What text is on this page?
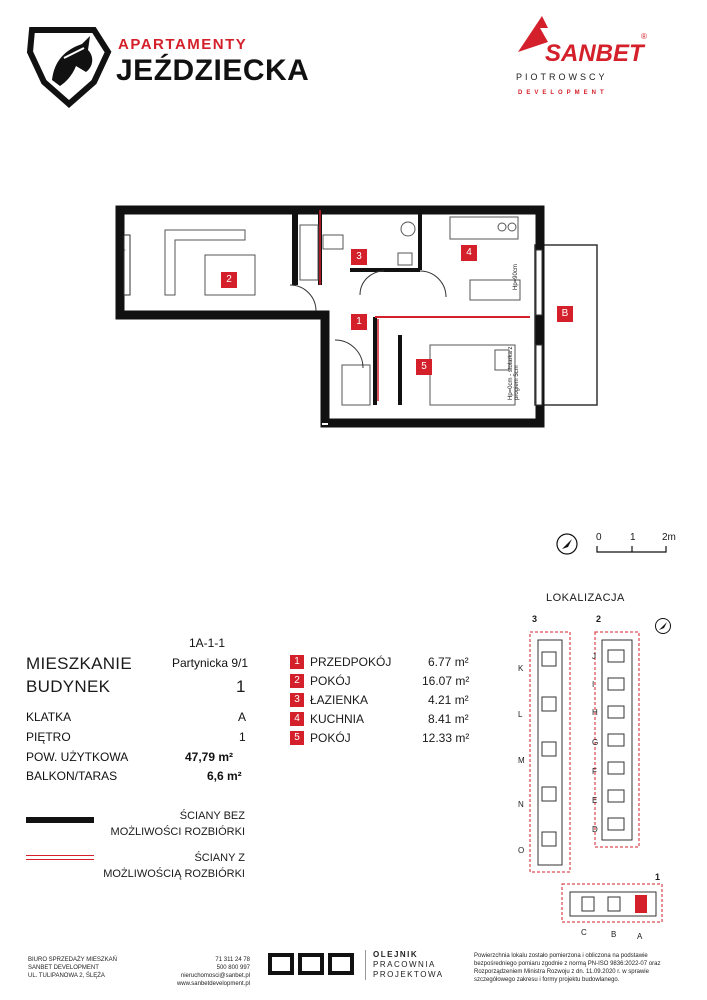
APARTAMENTY
JEŹDZIECKA
SANBET
®
PIOTROWSCY
DEVELOPMENT
2
3	4
1
5
B
Hp=90cm
Hp=90cm
Hp=0cm - stolarka z progiem 5cm
0	1	2m
LOKALIZACJA
3	2
1
K
L
M
N
O
J
I
H
G
F
E
D
C	B	A
1A-1-1
MIESZKANIE	Partynicka 9/1
BUDYNEK	1
KLATKA	A
PIĘTRO	1
POW. UŻYTKOWA	47,79 m²
BALKON/TARAS	6,6 m²
1 PRZEDPOKÓJ	6.77 m²
2 POKÓJ	16.07 m²
3 ŁAZIENKA	4.21 m²
4 KUCHNIA	8.41 m²
5 POKÓJ	12.33 m²
ŚCIANY BEZ
MOŻLIWOŚCI ROZBIÓRKI
ŚCIANY Z
MOŻLIWOŚCIĄ ROZBIÓRKI
BIURO SPRZEDAŻY MIESZKAŃ
SANBET DEVELOPMENT
UL. TULIPANOWA 2, ŚLĘŻA
71 311 24 78
500 800 997
nieruchomosci@sanbet.pl
www.sanbetdevelopment.pl
OLEJNIK
PRACOWNIA
PROJEKTOWA
Powierzchnia lokalu zostało pomierzona i obliczona na podstawie bezpośredniego pomiaru zgodnie z normą PN-ISO 9836:2022-07 oraz Rozporządzeniem Ministra Rozwoju z dn. 11.09.2020 r. w sprawie szczegółowego zakresu i formy projektu budowlanego.
